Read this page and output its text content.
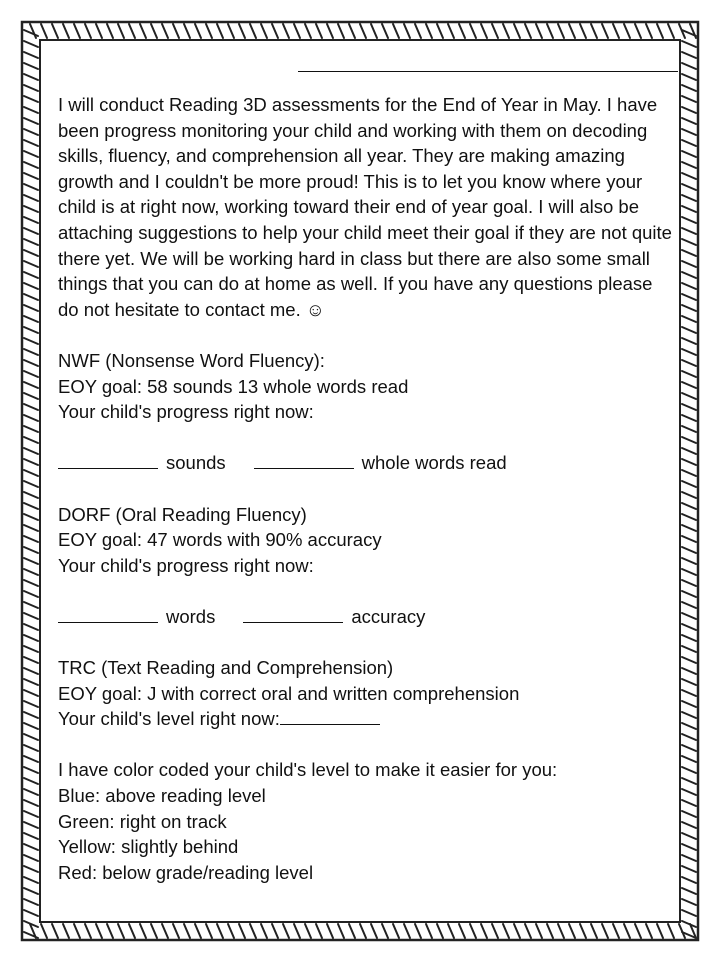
I will conduct Reading 3D assessments for the End of Year in May. I have been progress monitoring your child and working with them on decoding skills, fluency, and comprehension all year. They are making amazing growth and I couldn't be more proud! This is to let you know where your child is at right now, working toward their end of year goal. I will also be attaching suggestions to help your child meet their goal if they are not quite there yet. We will be working hard in class but there are also some small things that you can do at home as well. If you have any questions please do not hesitate to contact me. ☺

NWF (Nonsense Word Fluency):
EOY goal: 58 sounds 13 whole words read
Your child's progress right now:
sounds	whole words read
DORF (Oral Reading Fluency)
EOY goal: 47 words with 90% accuracy
Your child's progress right now:
words	accuracy
TRC (Text Reading and Comprehension)
EOY goal: J with correct oral and written comprehension
Your child's level right now:
I have color coded your child's level to make it easier for you:
Blue: above reading level
Green: right on track
Yellow: slightly behind
Red: below grade/reading level
